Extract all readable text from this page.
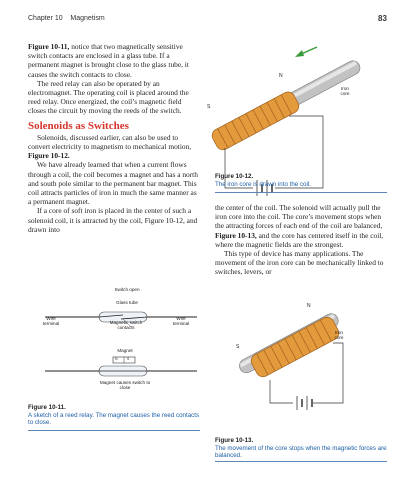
Chapter 10 Magnetism	83

Figure 10-11, notice that two magnetically sensitive switch contacts are enclosed in a glass tube. If a permanent magnet is brought close to the glass tube, it causes the switch contacts to close.

The reed relay can also be operated by an electromagnet. The operating coil is placed around the reed relay. Once energized, the coil’s magnetic field closes the circuit by moving the reeds of the switch.

Solenoids as Switches

Solenoids, discussed earlier, can also be used to convert electricity to magnetism to mechanical motion, Figure 10-12.

We have already learned that when a current flows through a coil, the coil becomes a magnet and has a north and south pole similar to the permanent bar magnet. This coil attracts particles of iron in much the same manner as a permanent magnet.

If a core of soft iron is placed in the center of such a solenoid coil, it is attracted by the coil, Figure 10-12, and drawn into

N
S
Iron core
Figure 10-12.
The iron core is drawn into the coil.

the center of the coil. The solenoid will actually pull the iron core into the coil. The core’s movement stops when the attracting forces of each end of the coil are balanced, Figure 10-13, and the core has centered itself in the coil, where the magnetic fields are the strongest.

This type of device has many applications. The movement of the iron core can be mechanically linked to switches, levers, or

Switch open
Glass tube
Wire terminal
Wire terminal
Magnetic switch contacts
Magnet
N	S
Magnet causes switch to close
Figure 10-11.
A sketch of a reed relay. The magnet causes the reed contacts to close.
N
S
Iron core
Figure 10-13.
The movement of the core stops when the magnetic forces are balanced.
